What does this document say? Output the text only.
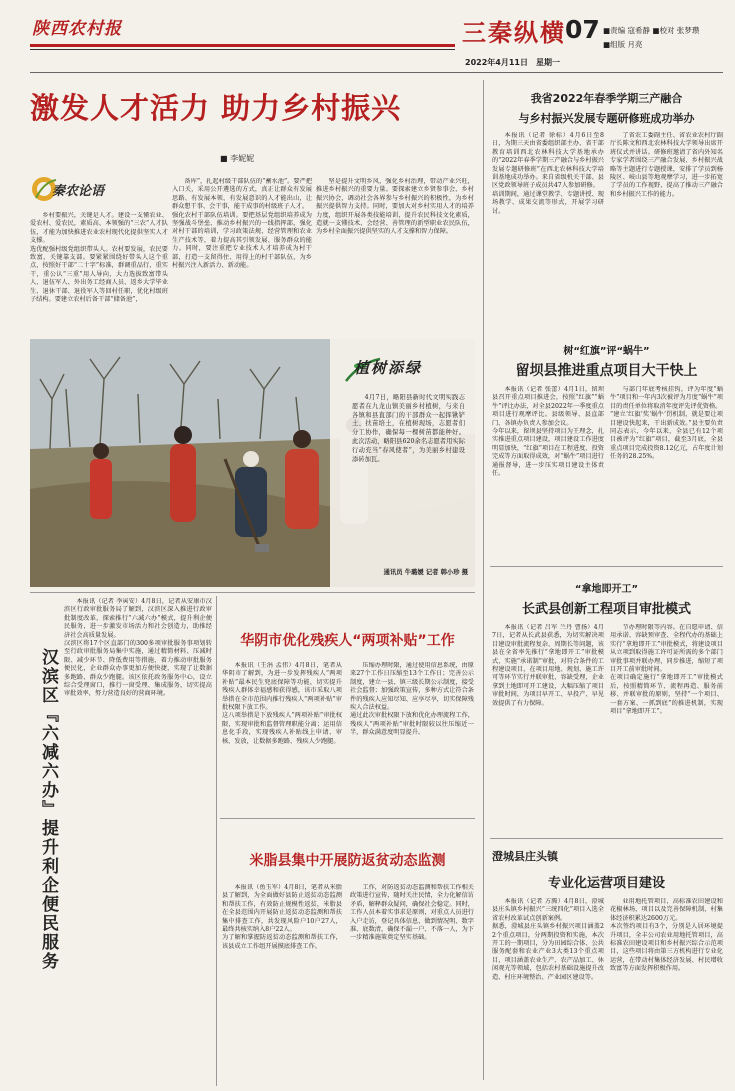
陕西农村报	三秦纵横 07 ■责编 寇希静 ■校对 张梦瓒
■组版 月亮
2022年4月11日　星期一
激发人才活力 助力乡村振兴
■ 李妮妮
秦农论语

乡村要振兴，关键是人才。建设一支懂农业、爱农村、爱农民，素质高、本领强的“三农”人才队伍，才能为加快推进农业农村现代化提供坚实人才支撑。
选优配强村级党组织带头人。农村要发展，农民要致富，关键靠支部。要紧紧围绕好带头人这个重点，按照好干部“二十字”标准，群调重品行，重实干，重公认“三重”用人导向，大力选拔致富带头人、退伍军人、外出务工经商人员、返乡大学毕业生、退休干部、退役军人等回村任职，优化村级班子结构。要建立农村后备干部“储备池”，

备库”，扎起村级干部队伍的“蓄水池”。要严把入口关，采用公开遴选的方式，真正让群众有发展思路、有发展本领、有发展意识的人才能出山，让群众想干事、会干事，能干成事的村级班子人才。
强化农村干部队伍培训。要把基层党组织培养成为坚强战斗堡垒、推动乡村振兴的一线指挥部，强化对村干部的培训，学习政策法规、经营管理和农业生产技术等，着力提高其引领发展、服务群众的能力。同时，要注重把专业技术人才培养成为村干部，打造一支留得住、用得上的村干部队伍，为乡村振兴注入新活力、新动能。

坚是提升文明乡风，强化乡村治理，带动产业兴旺，推进乡村振兴的重要力量。要探索建立乡贤参事会、乡村振兴协会，调动社会各界参与乡村振兴的积极性，为乡村振兴提供智力支持。同时，要加大对乡村实用人才的培养力度，组织开展各类技能培训，提升农民科技文化素质，造就一支懂技术、会经营、善管理的新型职业农民队伍，为乡村全面振兴提供坚实的人才支撑和智力保障。

植树添绿

4月7日，略阳县新时代文明实践志愿者在九龙山镇美丽乡村植树，与来自各镇和县直部门的干部群众一起挥锹铲土、扶苗培土，在植树现场，志愿者们分工协作，确保每一棵树苗都能种好。此次活动，略阳县620余名志愿者用实际行动充当“春风使者”，为美丽乡村建设添砖加瓦。

通讯员 牛璐媛 记者 韩小珍 摄
我省2022年春季学期三产融合
与乡村振兴发展专题研修班成功举办

本报讯（记者 徐标）4月6日至8日，为期三天由省委组织部主办、省干部教育培训西北农林科技大学基地承办的“2022年春季学期三产融合与乡村振兴发展专题研修班”在西北农林科技大学培训基地成功举办。来自省级机关干部、县区党政领导班子成员共47人参加研修。
培训期间，通过课堂教学、专题讲授、现场教学、成果交流等形式，开展学习研讨。

了省农工委副主任、省农业农村厅副厅长陈文和西北农林科技大学领导出席开班仪式并讲话。研修班邀请了省内外知名专家学者围绕三产融合发展、乡村振兴战略等主题进行专题授课，安排了学员到杨陵区、岐山县等地观摩学习，进一步拓宽了学员的工作视野，提高了推动三产融合和乡村振兴工作的能力。

树“红旗”评“蜗牛”
留坝县推进重点项目大干快上

本报讯（记者 张蕾）4月1日，留坝县召开重点项目推进会，按照“红旗”“蜗牛”评比办法，对全县2022年一季度重点项目进行观摩评比。县级领导、县直部门、各镇办负责人参加会议。
今年以来，留坝县坚持项目为王理念，扎实推进重点项目建设，项目建设工作进度明显加快，“红旗”项目在工程进度、投资完成等方面取得成效，对“蜗牛”项目进行通报督导，进一步压实项目建设主体责任。

与部门年底考核挂钩，评为年度“蜗牛”项目和一年内3次被评为月度“蜗牛”项目的责任单位将取消年度评先评优资格。
“建立‘红旗’奖‘蜗牛’罚机制，就是要让项目建设快起来，干出新成效。”县主要负责同志表示，今年以来，全县已有12个项目被评为“红旗”项目，截至3月底，全县重点项目完成投资8.12亿元，占年度计划任务的28.25%。

汉滨区『六减六办』提升利企便民服务

本报讯（记者 李寅安）4月8日，记者从安康市汉滨区行政审批服务局了解到，汉滨区深入推进行政审批制度改革，探索推行“六减六办”模式，提升利企便民服务，进一步激发市场活力和社会创造力，助推经济社会高质量发展。
汉滨区将17个区直部门的300多项审批服务事项划转至行政审批服务局集中实施，通过精简材料、压减时限、减少环节、降低费用等措施，着力推动审批服务便民化，企业群众办事更加方便快捷，实现了让数据多跑路、群众少跑腿。该区依托政务服务中心，设立综合受理窗口，推行一窗受理、集成服务，切实提高审批效率，努力营造良好的营商环境。

华阴市优化残疾人“两项补贴”工作

本报讯（王涓 孟伟）4月8日，笔者从华阴市了解到，为进一步发挥残疾人“两项补贴”最本民生兜底保障等功能，切实提升残疾人群体幸福感和获得感，该市采取八项举措在全市范围内推行残疾人“两项补贴”审批权限下放工作。
这八项举措是下放残疾人“两项补贴”审批权限，实现审批和监督管理职能分离；运用信息化手段，实现残疾人补贴线上申请、审核、发放，让数据多跑路、残疾人少跑腿。

压缩办理时限，通过使用信息系统，由原来27个工作日压缩至13个工作日；完善公示制度，建立一县、镇三级长期公示制度，接受社会监督；加强政策宣传，多种方式让符合条件的残疾人应知尽知、应享尽享，切实保障残疾人合法权益。
通过此次审批权限下放和优化办理流程工作，残疾人“两项补贴”审批时限较以往压缩近一半，群众满意度明显提升。

米脂县集中开展防返贫动态监测

本报讯（鱼玉军）4月8日，笔者从米脂县了解到，为全面做好县防止返贫动态监测和帮扶工作，有效防止规模性返贫，米脂县在全县范围内开展防止返贫动态监测和帮扶集中排查工作，共发现风险户10户27人，最终共核实纳入8户22人。
为了解和掌握防返贫动态监测和帮扶工作，该县成立工作组开展摸底排查工作。

工作，对防返贫动态监测和帮扶工作相关政策进行宣传，随时关注民情，全力化解信访矛盾，解释群众疑问，确保社会稳定。同时，工作人员本着实事求是原则，对重点人员进行入户走访，登记具体信息，做到情况明、数字准、底数清，确保不漏一户、不落一人，为下一步精准施策奠定坚实基础。

“拿地即开工”
长武县创新工程项目审批模式

本报讯（记者 吕军 兰丹 曹扬）4月7日，记者从长武县获悉，为切实解决项目建设审批流程复杂、周期长等问题，该县在全省率先推行“拿地即开工”审批模式，实施“承诺制”审批，对符合条件的工程建设项目，在项目用地、规划、施工许可等环节实行并联审批、容缺受理，企业拿到土地即可开工建设，大幅压缩了项目审批时间，为项目早开工、早投产、早见效提供了有力保障。

节办理时限等内容。在自愿申请、信用承诺、容缺预审查、全程代办的基础上实行“拿地即开工”审批模式，将建设项目从立项到取得施工许可证所需的多个部门审批事项并联办理，同步推进，缩短了项目开工前审批时间。
在项目确定施行“拿地即开工”审批模式后，按照精简环节、流程再造、服务前移、并联审批的原则，坚持“一个项目、一套方案、一抓到底”的推进机制，实现项目“拿地即开工”。

澄城县庄头镇
专业化运营项目建设

本报讯（记者 方腾）4月8日，澄城县庄头镇乡村振兴“三统四化”项目入选全省农村改革试点创新案例。
据悉，澄城县庄头镇乡村振兴项目涵盖22个重点项目，分两期投资和实施，本次开工的一期项目，分为田园综合体、公共服务配套和农业产业3大类13个重点项目，项目涵盖农业生产、农产品加工、休闲观光等领域，包括农村基础设施提升改造、村庄环境整治、产业园区建设等。

业用地托管项目，高标准农田建设和花椒林场，项目以及完善保障机制，村集体经济积累达2600万元。
本次签约项目有3个，分别是人居环境提升项目，全丰公司农业用地托管项目，高标准农田建设项目和乡村振兴综合示范项目，这些项目将由第三方机构进行专业化运营，在带动村集体经济发展、村民增收致富等方面发挥积极作用。
